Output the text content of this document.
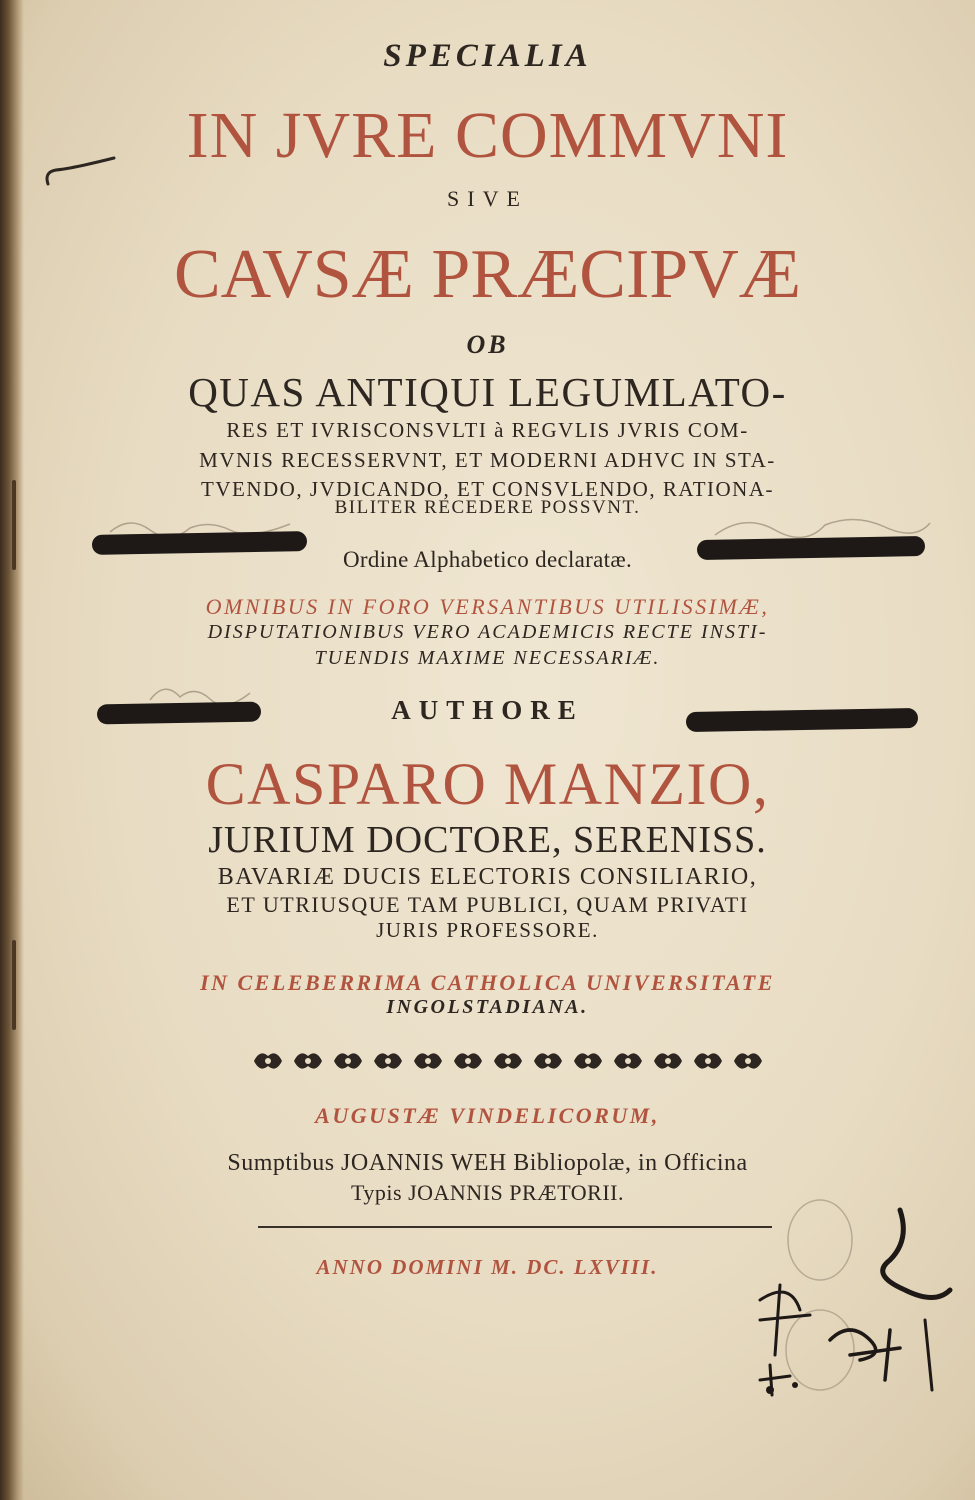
SPECIALIA
IN JVRE COMMVNI
SIVE
CAVSÆ PRÆCIPVÆ
OB
QUAS ANTIQUI LEGUMLATO-
RES ET IVRISCONSVLTI à REGVLIS JVRIS COM-
MVNIS RECESSERVNT, ET MODERNI ADHVC IN STA-
TVENDO, JVDICANDO, ET CONSVLENDO, RATIONA-
BILITER RECEDERE POSSVNT.
Ordine Alphabetico declaratæ.
OMNIBUS IN FORO VERSANTIBUS UTILISSIMÆ,
DISPUTATIONIBUS VERO ACADEMICIS RECTE INSTI-
TUENDIS MAXIME NECESSARIÆ.
AUTHORE
CASPARO MANZIO,
JURIUM DOCTORE, SERENISS.
BAVARIÆ DUCIS ELECTORIS CONSILIARIO,
ET UTRIUSQUE TAM PUBLICI, QUAM PRIVATI
JURIS PROFESSORE.
IN CELEBERRIMA CATHOLICA UNIVERSITATE
INGOLSTADIANA.
AUGUSTÆ VINDELICORUM,
Sumptibus JOANNIS WEH Bibliopolæ, in Officina
Typis JOANNIS PRÆTORII.
ANNO DOMINI M. DC. LXVIII.
